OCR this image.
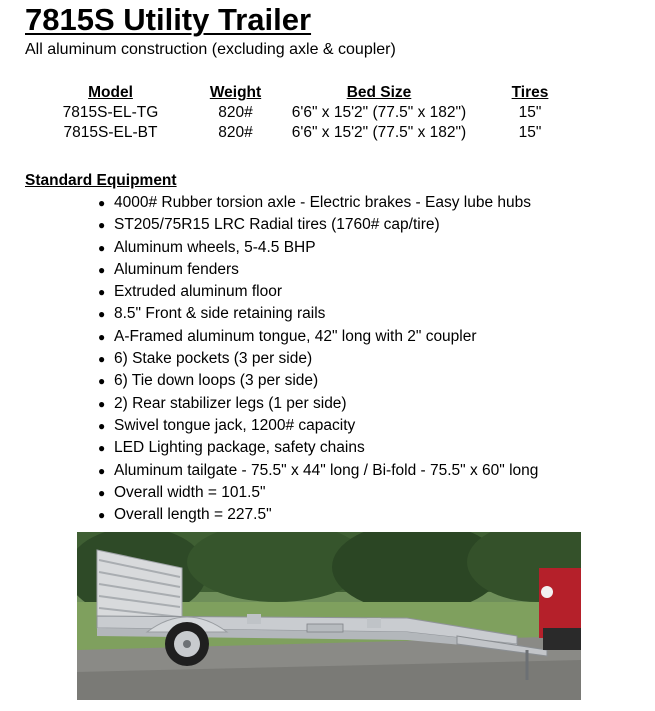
7815S Utility Trailer
All aluminum construction (excluding axle & coupler)
Model	Weight	Bed Size	Tires
7815S-EL-TG	820#	6'6" x 15'2" (77.5" x 182")	15"
7815S-EL-BT	820#	6'6" x 15'2" (77.5" x 182")	15"
Standard Equipment
● 4000# Rubber torsion axle - Electric brakes - Easy lube hubs
● ST205/75R15 LRC Radial tires (1760# cap/tire)
● Aluminum wheels, 5-4.5 BHP
● Aluminum fenders
● Extruded aluminum floor
● 8.5" Front & side retaining rails
● A-Framed aluminum tongue, 42" long with 2" coupler
● 6) Stake pockets (3 per side)
● 6) Tie down loops (3 per side)
● 2) Rear stabilizer legs (1 per side)
● Swivel tongue jack, 1200# capacity
● LED Lighting package, safety chains
● Aluminum tailgate - 75.5" x 44" long / Bi-fold - 75.5" x 60" long
● Overall width = 101.5"
● Overall length = 227.5"
